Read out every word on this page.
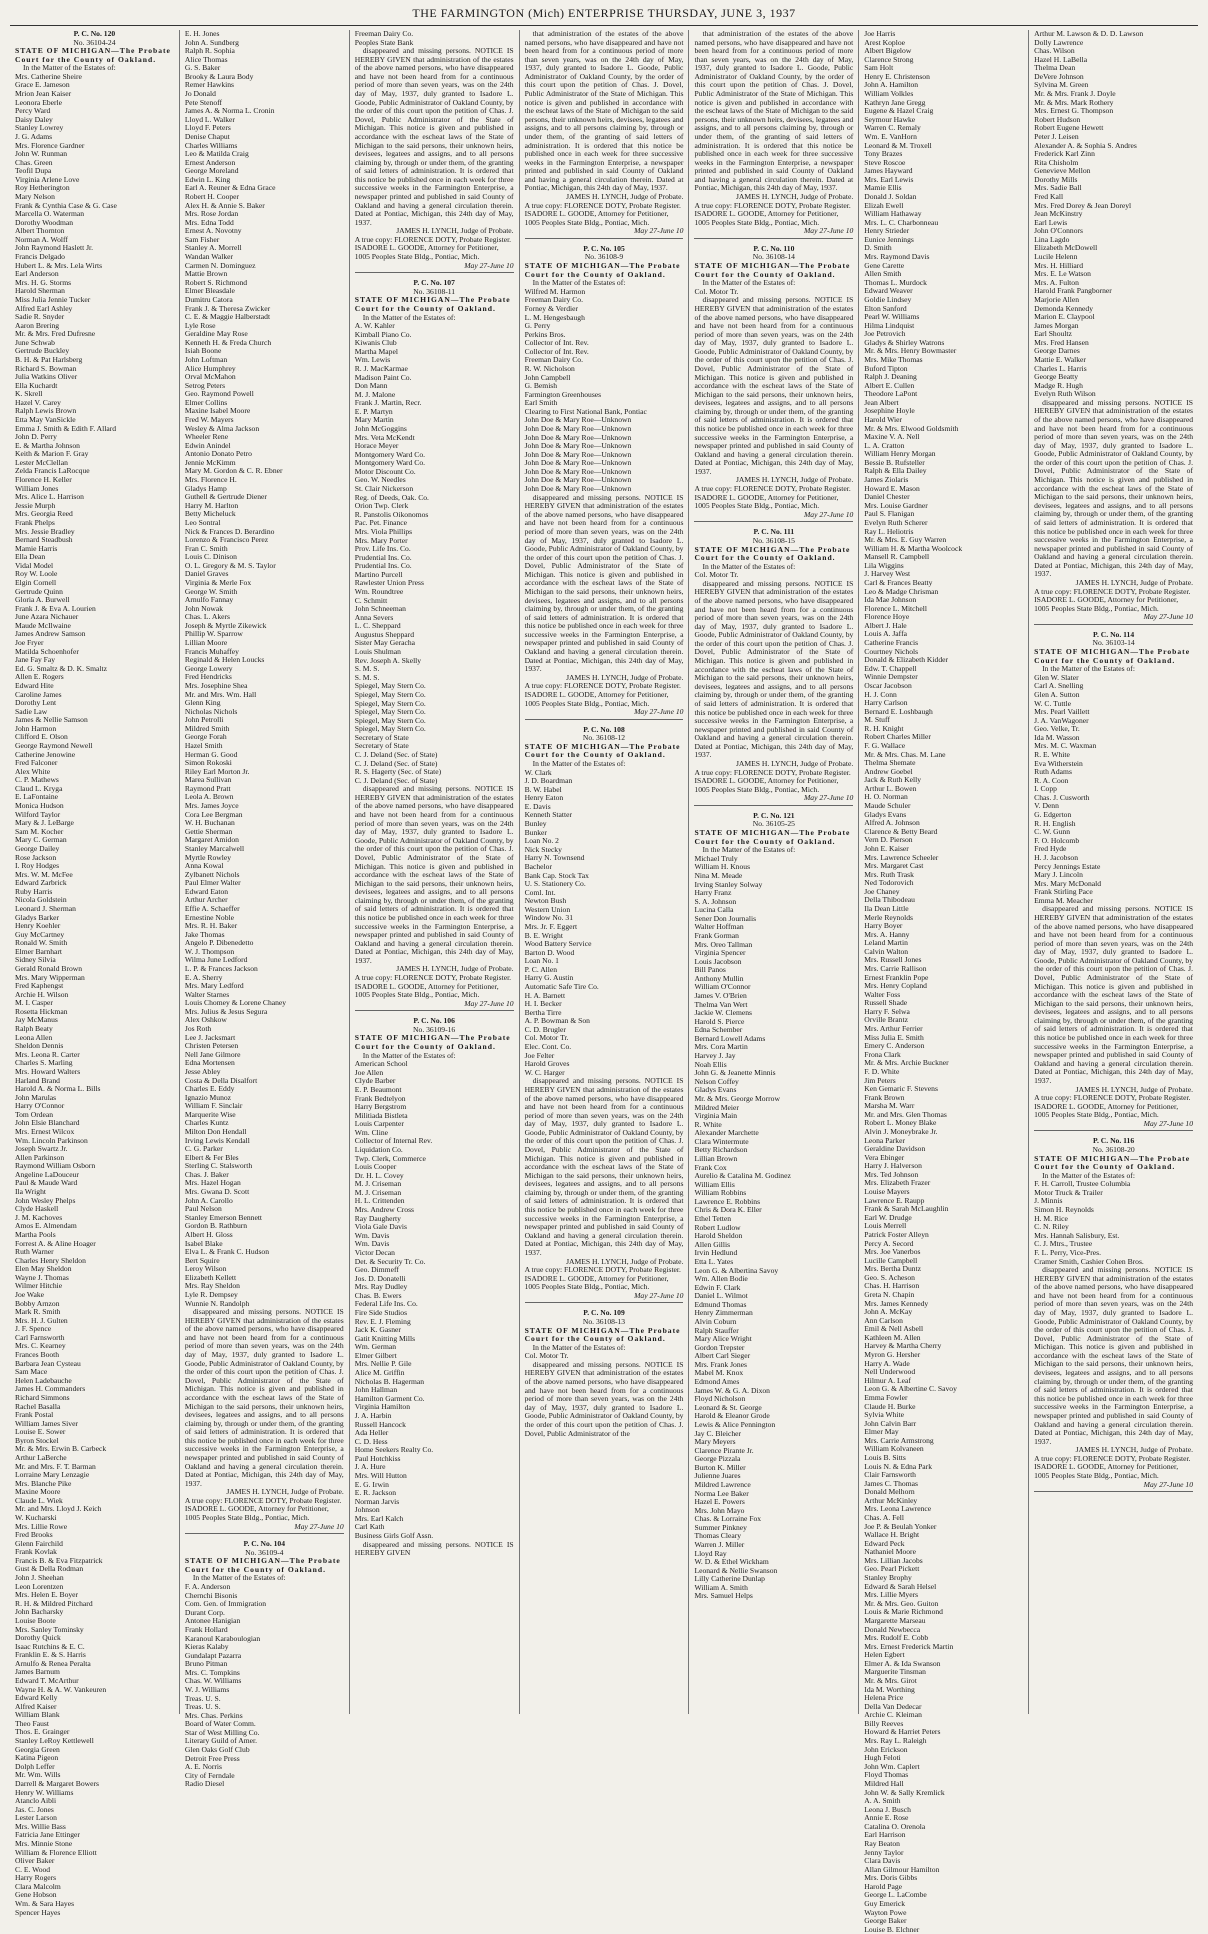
THE FARMINGTON (Mich) ENTERPRISE THURSDAY, JUNE 3, 1937
P. C. No. 120
No. 36104-24
STATE OF MICHIGAN—The Probate Court for the County of Oakland.
In the Matter of the Estates of:
Mrs. Catherine Sheire
Grace E. Jameson
Mrion Jean Kaiser
Leonora Eberle
Percy Ward
Daisy Daley
Stanley Lowrey
J. G. Adams
Mrs. Florence Gardner
John W. Runman
Chas. Green
Teofil Dupa
Virginia Arlene Love
Roy Hetherington
Mary Nelson
Frank & Cynthia Case & G. Case
Marcella O. Waterman
Dorothy Woodman
Albert Thornton
Norman A. Wolff
John Raymond Haslett Jr.
Francis Delgado
Hubert L. & Mrs. Lela Wirts
Earl Anderson
Mrs. H. G. Storms
Harold Sherman
Miss Julia Jennie Tucker
Alfred Earl Ashley
Sadie R. Snyder
Aaron Brering
Mr. & Mrs. Fred Dufresne
June Schwab
Gertrude Buckley
B. H. & Pat Harlsberg
Richard S. Bowman
Julia Watkins Oliver
Ella Kuchardt
K. Skrell
Hazel V. Carey
Ralph Lewis Brown
Etta May VanSickle
Emma J. Smith & Edith F. Allard
John D. Perry
E. & Martha Johnson
Keith & Marion F. Gray
Lester McClellan
Zelda Francis LaRocque
Florence H. Keller
William Jones
Mrs. Alice L. Harrison
Jessie Murph
Mrs. Georgia Reed
Frank Phelps
Mrs. Jessie Bradley
Bernard Steadbush
Mamie Harris
Ella Dean
Vidal Model
Roy W. Loole
Elgin Cornell
Gertrude Quinn
Gloria A. Burwell
Frank J. & Eva A. Lourien
June Azara Nichauer
Maude McIlwaine
James Andrew Samson
Joe Fryer
Matilda Schoenhofer
Jane Fay Fay
Ed. G. Smaltz & D. K. Smaltz
Allen E. Rogers
Edward Hite
Caroline James
Dorothy Lent
Sadie Law
James & Nellie Samson
John Harmon
Clifford E. Olson
George Raymond Newell
Catherine Jenowine
Fred Falconer
Alex White
C. P. Mathews
Claud L. Kryga
E. LaFontaine
Monica Hudson
Wilford Taylor
Mary & J. LeBarge
Sam M. Kocher
Mary C. German
George Dailey
Rose Jackson
I. Roy Hodges
Mrs. W. M. McFee
Edward Zarbrick
Ruby Harris
Nicola Goldstein
Leonard J. Sherman
Gladys Barker
Henry Koehler
Guy McCartney
Ronald W. Smith
Elmer Barnhart
Sidney Silvia
Gerald Ronald Brown
Mrs. Mary Wipperman
Fred Kaphengst
Archie H. Wilson
M. I. Casper
Rosetta Hickman
Jay McManus
Ralph Beaty
Leona Allen
Sheldon Dennis
Mrs. Leona R. Carter
Charles S. Marling
Mrs. Howard Walters
Harland Brand
Harold A. & Norma L. Bills
John Marulas
Harry O'Connor
Tom Ordean
John Elsie Blanchard
Mrs. Ernest Wilcox
Wm. Lincoln Parkinson
Joseph Swartz Jr.
Allen Parkinson
Raymond William Osborn
Angeline LaDouceur
Paul & Maude Ward
Ila Wright
John Wesley Phelps
Clyde Haskell
J. M. Kachoves
Amos E. Almendam
Martha Pools
Forrest A. & Aline Hoager
Ruth Warner
Charles Henry Sheldon
Elen May Sheldon
Wayne J. Thomas
Wilmer Hitchie
Joe Wake
Bobby Arnzon
Mark R. Smith
Mrs. H. J. Gulten
J. F. Spence
Carl Farnsworth
Mrs. C. Kearney
Frances Booth
Barbara Jean Cysteau
Sam Mace
Helen Ladebauche
James H. Commanders
Richard Simmons
Rachel Basalla
Frank Postal
William James Siver
Louise E. Sower
Byron Stockel
Mr. & Mrs. Erwin B. Carbeck
Arthur LaBerche
Mr. and Mrs. F. T. Barman
Lorraine Mary Lenzagie
Mrs. Blanche Pike
Maxine Moore
Claude L. Wiek
Mr. and Mrs. Lloyd J. Keich
W. Kucharski
Mrs. Lillie Rowe
Fred Brooks
Glenn Fairchild
Frank Kovlak
Francis B. & Eva Fitzpatrick
Gust & Della Rodman
John J. Sheehan
Leon Lorentzen
Mrs. Helen E. Boyer
R. H. & Mildred Pitchard
John Bacharsky
Louise Boote
Mrs. Sanley Tominsky
Dorothy Quick
Isaac Rutchins & E. C.
Franklin E. & S. Harris
Arnulfo & Renea Peralta
James Barnum
Edward T. McArthur
Wayne H. & A. W. Vankeuren
Edward Kelly
Alfred Kaiser
William Blank
Theo Faust
Thos. E. Grainger
Stanley LeRoy Kettlewell
Georgia Green
Katina Pigeon
Dolph Leffer
Mr. Wm. Wills
Darrell & Margaret Bowers
Henry W. Williams
Atanclo Aibli
Jas. C. Jones
Lester Larson
Mrs. Willie Bass
Fatricia Jane Ettinger
Mrs. Minnie Stone
William & Florence Elliott
Oliver Baker
C. E. Wood
Harry Rogers
Clara Malcolm
Gene Hobson
Wm. & Sara Hayes
Spencer Hayes
E. H. Jones
John A. Sundberg
Ralph R. Sophia
Alice Thomas
G. S. Baker
Brooky & Laura Body
Remer Hawkins
Jo Donald
Pete Stenoff
James A. & Norma L. Cronin
Lloyd L. Walker
Lloyd F. Peters
Denise Chaput
Charles Williams
Leo & Matilda Craig
Ernest Anderson
George Moreland
Edwin L. King
Earl A. Reuner & Edna Grace
Robert H. Cooper
Alex H. & Annie S. Baker
Mrs. Rose Jordan
Mrs. Edna Todd
Ernest A. Novotny
Sam Fisher
Stanley A. Morrell
Wandan Walker
Carmen N. Dominguez
Mattie Brown
Robert S. Richmond
Elmer Bleasdale
Dumitru Catora
Frank J. & Theresa Zwicker
C. E. & Maggie Halberstadt
Lyle Rose
Geraldine May Rose
Kenneth H. & Freda Church
Isiah Boone
John Loftman
Alice Humphrey
Orval McMahon
Setrog Peters
Geo. Raymond Powell
Elmer Collins
Maxine Isabel Moore
Fred W. Mayers
Wesley & Alma Jackson
Wheeler Rene
Edwin Anindel
Antonio Donato Petro
Jennie McKimm
Mary M. Gordon & C. R. Ebner
Mrs. Florence H.
Gladys Hamp
Guthell & Gertrude Diener
Harry M. Harlton
Betty Micheluck
Leo Sontral
Nick & Frances D. Berardino
Lorenzo & Francisco Perez
Fran C. Smith
Louis C. Dinison
O. L. Gregory & M. S. Taylor
Daniel Graves
Virginia & Merle Fox
George W. Smith
Arnulfo Fannay
John Nowak
Chas. L. Akers
Joseph & Myrtle Zikewick
Phillip W. Sparrow
Lillian Moore
Francis Muhaffey
Reginald & Helen Loucks
George Lowery
Fred Hendricks
Mrs. Josephine Shea
Mr. and Mrs. Wm. Hall
Glenn King
Nicholas Nichols
John Petrolli
Mildred Smith
George Forah
Hazel Smith
Herman G. Good
Simon Rokoski
Riley Earl Morton Jr.
Marea Sullivan
Raymond Pratt
Leola A. Brown
Mrs. James Joyce
Cora Lee Bergman
W. H. Buchanan
Gettie Sherman
Margaret Amidon
Stanley Marcalwell
Myrtle Rowley
Anna Kowal
Zylbanett Nichols
Paul Elmer Walter
Edward Eaton
Arthur Archer
Effie A. Schaeffer
Ernestine Noble
Mrs. R. H. Baker
Jake Thomas
Angelo P. Dibenedetto
W. J. Thompson
Wilma June Ledford
L. P. & Frances Jackson
E. A. Sherry
Mrs. Mary Ledford
Walter Starnes
Louis Chomey & Lorene Chaney
Mrs. Julius & Jesus Segura
Alex Oshkow
Jos Roth
Lee J. Jacksmart
Christen Petersen
Nell Jane Gilmore
Edna Mortensen
Jesse Abley
Costa & Della Disalfort
Charles E. Eddy
Ignazio Munoz
William F. Sinclair
Marquerite Wise
Charles Kuntz
Milton Don Hendall
Irving Lewis Kendall
C. G. Parker
Elbert & Fer Bles
Sterling C. Stalsworth
Chas. J. Baker
Mrs. Hazel Hogan
Mrs. Gwana D. Scott
John A. Carollo
Paul Nelson
Stanley Emerson Bennett
Gordon B. Rathburn
Albert H. Gloss
Isabel Blake
Elva L. & Frank C. Hudson
Bert Squire
Leroy Wilson
Elizabeth Kellett
Mrs. Ray Sheldon
Lyle R. Dempsey
Wunnie N. Randolph
disappeared and missing persons. NOTICE IS HEREBY GIVEN that administration of the estates of the above named persons, who have disappeared and have not been heard from for a continuous period of more than seven years, was on the 24th day of May, 1937, duly granted to Isadore L. Goode, Public Administrator of Oakland County, by the order of this court upon the petition of Chas. J. Dovel, Public Administrator of the State of Michigan. This notice is given and published in accordance with the escheat laws of the State of Michigan to the said persons, their unknown heirs, devisees, legatees and assigns, and to all persons claiming by, through or under them, of the granting of said letters of administration. It is ordered that this notice be published once in each week for three successive weeks in the Farmington Enterprise, a newspaper printed and published in said County of Oakland and having a general circulation therein. Dated at Pontiac, Michigan, this 24th day of May, 1937.
JAMES H. LYNCH, Judge of Probate.
A true copy: FLORENCE DOTY, Probate Register. ISADORE L. GOODE, Attorney for Petitioner, 1005 Peoples State Bldg., Pontiac, Mich.
May 27-June 10
P. C. No. 104
No. 36109-4
STATE OF MICHIGAN—The Probate Court for the County of Oakland.
In the Matter of the Estates of:
F. A. Anderson
Chernchi Bisonis
Com. Gen. of Immigration
Durant Corp.
Antonee Hanigian
Frank Hollard
Karanoul Karaboulogian
Kieras Kalaby
Gundalapt Pazarra
Bruno Pitman
Mrs. C. Tompkins
Chas. W. Williams
W. J. Williams
Treas. U. S.
Treas. U. S.
Mrs. Chas. Perkins
Board of Water Comm.
Star of West Milling Co.
Literary Guild of Amer.
Glen Oaks Golf Club
Detroit Free Press
A. E. Norris
City of Ferndale
Radio Diesel
Freeman Dairy Co.
Peoples State Bank
disappeared and missing persons. NOTICE IS HEREBY GIVEN that administration of the estates of the above named persons, who have disappeared and have not been heard from for a continuous period of more than seven years, was on the 24th day of May, 1937, duly granted to Isadore L. Goode, Public Administrator of Oakland County, by the order of this court upon the petition of Chas. J. Dovel, Public Administrator of the State of Michigan. This notice is given and published in accordance with the escheat laws of the State of Michigan to the said persons, their unknown heirs, devisees, legatees and assigns, and to all persons claiming by, through or under them, of the granting of said letters of administration. It is ordered that this notice be published once in each week for three successive weeks in the Farmington Enterprise, a newspaper printed and published in said County of Oakland and having a general circulation therein. Dated at Pontiac, Michigan, this 24th day of May, 1937.
JAMES H. LYNCH, Judge of Probate.
A true copy: FLORENCE DOTY, Probate Register. ISADORE L. GOODE, Attorney for Petitioner, 1005 Peoples State Bldg., Pontiac, Mich.
May 27-June 10
P. C. No. 107
No. 36108-11
STATE OF MICHIGAN—The Probate Court for the County of Oakland.
In the Matter of the Estates of:
A. W. Kahler
Kimball Piano Co.
Kiwanis Club
Martha Mapel
Wm. Lewis
R. J. MacKarmae
Madison Paint Co.
Don Mann
M. J. Malone
Frank J. Martin, Recr.
E. P. Martyn
Mary Martin
John McGoggins
Mrs. Veta McKendt
Horace Meyer
Montgomery Ward Co.
Montgomery Ward Co.
Motor Discount Co.
Geo. W. Needles
St. Clair Nickerson
Reg. of Deeds, Oak. Co.
Orion Twp. Clerk
R. Panstolis Oikonomos
Pac. Pet. Finance
Mrs. Viola Phillips
Mrs. Mary Porter
Prov. Life Ins. Co.
Prudential Ins. Co.
Prudential Ins. Co.
Martino Purcell
Rawlester Union Press
Wm. Roundtree
C. Schmitt
John Schneeman
Anna Severs
L. C. Sheppard
Augustus Sheppard
Sister May Geracha
Louis Shulman
Rev. Joseph A. Skelly
S. M. S.
S. M. S.
Spiegel, May Stern Co.
Spiegel, May Stern Co.
Spiegel, May Stern Co.
Spiegel, May Stern Co.
Spiegel, May Stern Co.
Spiegel, May Stern Co.
Secretary of State
Secretary of State
C. J. Deland (Sec. of State)
C. J. Deland (Sec. of State)
R. S. Hagerty (Sec. of State)
C. J. Deland (Sec. of State)
disappeared and missing persons. NOTICE IS HEREBY GIVEN that administration of the estates of the above named persons, who have disappeared and have not been heard from for a continuous period of more than seven years, was on the 24th day of May, 1937, duly granted to Isadore L. Goode, Public Administrator of Oakland County, by the order of this court upon the petition of Chas. J. Dovel, Public Administrator of the State of Michigan. This notice is given and published in accordance with the escheat laws of the State of Michigan to the said persons, their unknown heirs, devisees, legatees and assigns, and to all persons claiming by, through or under them, of the granting of said letters of administration. It is ordered that this notice be published once in each week for three successive weeks in the Farmington Enterprise, a newspaper printed and published in said County of Oakland and having a general circulation therein. Dated at Pontiac, Michigan, this 24th day of May, 1937.
JAMES H. LYNCH, Judge of Probate.
A true copy: FLORENCE DOTY, Probate Register. ISADORE L. GOODE, Attorney for Petitioner, 1005 Peoples State Bldg., Pontiac, Mich.
May 27-June 10
P. C. No. 106
No. 36109-16
STATE OF MICHIGAN—The Probate Court for the County of Oakland.
In the Matter of the Estates of:
American School
Joe Allen
Clyde Barber
E. P. Beaumont
Frank Bedtelyon
Harry Bergstrom
Militiada Bistleta
Louis Carpenter
Wm. Cline
Collector of Internal Rev.
Liquidation Co.
Twp. Clerk, Commerce
Louis Cooper
Dr. H. L. Covey
M. J. Criseman
M. J. Criseman
H. L. Crittenden
Mrs. Andrew Cross
Ray Daugherty
Viola Gale Davis
Wm. Davis
Wm. Davis
Victor Decan
Det. & Security Tr. Co.
Geo. Dimmeff
Jos. D. Donatelli
Mrs. Ray Dudley
Chas. B. Ewers
Federal Life Ins. Co.
Fire Side Studios
Rev. E. J. Fleming
Jack K. Gasner
Gatit Knitting Mills
Wm. German
Elmer Gilbert
Mrs. Nellie P. Gile
Alice M. Griffin
Nicholas B. Hagerman
John Hallman
Hamilton Garment Co.
Virginia Hamilton
J. A. Harbin
Russell Hancock
Ada Heller
C. D. Hess
Home Seekers Realty Co.
Paul Hotchkiss
J. A. Hure
Mrs. Will Hutton
E. G. Irwin
E. R. Jackson
Norman Jarvis
Johnson
Mrs. Earl Kalch
Carl Kath
Business Girls Golf Assn.
disappeared and missing persons. NOTICE IS HEREBY GIVEN
that administration of the estates of the above named persons, who have disappeared and have not been heard from for a continuous period of more than seven years, was on the 24th day of May, 1937, duly granted to Isadore L. Goode, Public Administrator of Oakland County, by the order of this court upon the petition of Chas. J. Dovel, Public Administrator of the State of Michigan. This notice is given and published in accordance with the escheat laws of the State of Michigan to the said persons, their unknown heirs, devisees, legatees and assigns, and to all persons claiming by, through or under them, of the granting of said letters of administration. It is ordered that this notice be published once in each week for three successive weeks in the Farmington Enterprise, a newspaper printed and published in said County of Oakland and having a general circulation therein. Dated at Pontiac, Michigan, this 24th day of May, 1937.
JAMES H. LYNCH, Judge of Probate.
A true copy: FLORENCE DOTY, Probate Register. ISADORE L. GOODE, Attorney for Petitioner, 1005 Peoples State Bldg., Pontiac, Mich.
May 27-June 10
P. C. No. 105
No. 36108-9
STATE OF MICHIGAN—The Probate Court for the County of Oakland.
In the Matter of the Estates of:
Wilfred M. Harmon
Freeman Dairy Co.
Forney & Verdier
L. M. Hengesbaugh
G. Perry
Perkins Bros.
Collector of Int. Rev.
Collector of Int. Rev.
Freeman Dairy Co.
R. W. Nicholson
John Campbell
G. Bemish
Farmington Greenhouses
Earl Smith
Clearing to First National Bank, Pontiac
John Doe & Mary Roe—Unknown
John Doe & Mary Roe—Unknown
John Doe & Mary Roe—Unknown
John Doe & Mary Roe—Unknown
John Doe & Mary Roe—Unknown
John Doe & Mary Roe—Unknown
John Doe & Mary Roe—Unknown
John Doe & Mary Roe—Unknown
John Doe & Mary Roe—Unknown
disappeared and missing persons. NOTICE IS HEREBY GIVEN that administration of the estates of the above named persons, who have disappeared and have not been heard from for a continuous period of more than seven years, was on the 24th day of May, 1937, duly granted to Isadore L. Goode, Public Administrator of Oakland County, by the order of this court upon the petition of Chas. J. Dovel, Public Administrator of the State of Michigan. This notice is given and published in accordance with the escheat laws of the State of Michigan to the said persons, their unknown heirs, devisees, legatees and assigns, and to all persons claiming by, through or under them, of the granting of said letters of administration. It is ordered that this notice be published once in each week for three successive weeks in the Farmington Enterprise, a newspaper printed and published in said County of Oakland and having a general circulation therein. Dated at Pontiac, Michigan, this 24th day of May, 1937.
JAMES H. LYNCH, Judge of Probate.
A true copy: FLORENCE DOTY, Probate Register. ISADORE L. GOODE, Attorney for Petitioner, 1005 Peoples State Bldg., Pontiac, Mich.
May 27-June 10
P. C. No. 108
No. 36108-12
STATE OF MICHIGAN—The Probate Court for the County of Oakland.
In the Matter of the Estates of:
W. Clark
J. D. Boardman
B. W. Habel
Henry Eaton
E. Davis
Kenneth Statter
Bunley
Bunker
Loan No. 2
Nick Stecky
Harry N. Townsend
Bachelor
Bank Cap. Stock Tax
U. S. Stationery Co.
Coml. Int.
Newton Bush
Western Union
Window No. 31
Mrs. Jr. F. Eggert
B. E. Wright
Wood Battery Service
Barton D. Wood
Loan No. 1
P. C. Allen
Harry G. Austin
Automatic Safe Tire Co.
H. A. Barnett
H. I. Becker
Bertha Tirre
A. P. Bowman & Son
C. D. Brugler
Col. Motor Tr.
Elec. Cont. Co.
Joe Felter
Harold Groves
W. C. Harger
disappeared and missing persons. NOTICE IS HEREBY GIVEN that administration of the estates of the above named persons, who have disappeared and have not been heard from for a continuous period of more than seven years, was on the 24th day of May, 1937, duly granted to Isadore L. Goode, Public Administrator of Oakland County, by the order of this court upon the petition of Chas. J. Dovel, Public Administrator of the State of Michigan. This notice is given and published in accordance with the escheat laws of the State of Michigan to the said persons, their unknown heirs, devisees, legatees and assigns, and to all persons claiming by, through or under them, of the granting of said letters of administration. It is ordered that this notice be published once in each week for three successive weeks in the Farmington Enterprise, a newspaper printed and published in said County of Oakland and having a general circulation therein. Dated at Pontiac, Michigan, this 24th day of May, 1937.
JAMES H. LYNCH, Judge of Probate.
A true copy: FLORENCE DOTY, Probate Register. ISADORE L. GOODE, Attorney for Petitioner, 1005 Peoples State Bldg., Pontiac, Mich.
May 27-June 10
P. C. No. 109
No. 36108-13
STATE OF MICHIGAN—The Probate Court for the County of Oakland.
In the Matter of the Estates of:
Col. Motor Tr.
disappeared and missing persons. NOTICE IS HEREBY GIVEN that administration of the estates of the above named persons, who have disappeared and have not been heard from for a continuous period of more than seven years, was on the 24th day of May, 1937, duly granted to Isadore L. Goode, Public Administrator of Oakland County, by the order of this court upon the petition of Chas. J. Dovel, Public Administrator of the
that administration of the estates of the above named persons, who have disappeared and have not been heard from for a continuous period of more than seven years, was on the 24th day of May, 1937, duly granted to Isadore L. Goode, Public Administrator of Oakland County, by the order of this court upon the petition of Chas. J. Dovel, Public Administrator of the State of Michigan. This notice is given and published in accordance with the escheat laws of the State of Michigan to the said persons, their unknown heirs, devisees, legatees and assigns, and to all persons claiming by, through or under them, of the granting of said letters of administration. It is ordered that this notice be published once in each week for three successive weeks in the Farmington Enterprise, a newspaper printed and published in said County of Oakland and having a general circulation therein. Dated at Pontiac, Michigan, this 24th day of May, 1937.
JAMES H. LYNCH, Judge of Probate.
A true copy: FLORENCE DOTY, Probate Register. ISADORE L. GOODE, Attorney for Petitioner, 1005 Peoples State Bldg., Pontiac, Mich.
May 27-June 10
P. C. No. 110
No. 36108-14
STATE OF MICHIGAN—The Probate Court for the County of Oakland.
In the Matter of the Estates of:
Col. Motor Tr.
disappeared and missing persons. NOTICE IS HEREBY GIVEN that administration of the estates of the above named persons, who have disappeared and have not been heard from for a continuous period of more than seven years, was on the 24th day of May, 1937, duly granted to Isadore L. Goode, Public Administrator of Oakland County, by the order of this court upon the petition of Chas. J. Dovel, Public Administrator of the State of Michigan. This notice is given and published in accordance with the escheat laws of the State of Michigan to the said persons, their unknown heirs, devisees, legatees and assigns, and to all persons claiming by, through or under them, of the granting of said letters of administration. It is ordered that this notice be published once in each week for three successive weeks in the Farmington Enterprise, a newspaper printed and published in said County of Oakland and having a general circulation therein. Dated at Pontiac, Michigan, this 24th day of May, 1937.
JAMES H. LYNCH, Judge of Probate.
A true copy: FLORENCE DOTY, Probate Register. ISADORE L. GOODE, Attorney for Petitioner, 1005 Peoples State Bldg., Pontiac, Mich.
May 27-June 10
P. C. No. 111
No. 36108-15
STATE OF MICHIGAN—The Probate Court for the County of Oakland.
In the Matter of the Estates of:
Col. Motor Tr.
disappeared and missing persons. NOTICE IS HEREBY GIVEN that administration of the estates of the above named persons, who have disappeared and have not been heard from for a continuous period of more than seven years, was on the 24th day of May, 1937, duly granted to Isadore L. Goode, Public Administrator of Oakland County, by the order of this court upon the petition of Chas. J. Dovel, Public Administrator of the State of Michigan. This notice is given and published in accordance with the escheat laws of the State of Michigan to the said persons, their unknown heirs, devisees, legatees and assigns, and to all persons claiming by, through or under them, of the granting of said letters of administration. It is ordered that this notice be published once in each week for three successive weeks in the Farmington Enterprise, a newspaper printed and published in said County of Oakland and having a general circulation therein. Dated at Pontiac, Michigan, this 24th day of May, 1937.
JAMES H. LYNCH, Judge of Probate.
A true copy: FLORENCE DOTY, Probate Register. ISADORE L. GOODE, Attorney for Petitioner, 1005 Peoples State Bldg., Pontiac, Mich.
May 27-June 10
P. C. No. 121
No. 36105-25
STATE OF MICHIGAN—The Probate Court for the County of Oakland.
In the Matter of the Estates of:
Michael Truly
William H. Knous
Nina M. Meade
Irving Stanley Solway
Harry Franz
S. A. Johnson
Lucina Calla
Sener Don Journalis
Walter Hoffman
Frank Gorman
Mrs. Oreo Tallman
Virginia Spencer
Louis Jacobson
Bill Panos
Anthony Mullin
William O'Connor
James V. O'Brien
Thelma Van Wert
Jackie W. Clemens
Harold S. Pierce
Edna Schember
Bernard Lowell Adams
Mrs. Cora Martin
Harvey J. Jay
Noah Ellis
John G. & Jeanette Minnis
Nelson Coffey
Gladys Evans
Mr. & Mrs. George Morrow
Mildred Meier
Virginia Main
R. White
Alexander Marchette
Clara Wintermute
Betty Richardson
Lillian Brown
Frank Cox
Aurelio & Catalina M. Godinez
William Ellis
William Robbins
Lawrence E. Robbins
Chris & Dora K. Eller
Ethel Tetten
Robert Ludlow
Harold Sheldon
Allen Gillis
Irvin Hedlund
Etta L. Yates
Leon G. & Albertina Savoy
Wm. Allen Bodie
Edwin F. Clark
Daniel L. Wilmot
Edmund Thomas
Henry Zimmerman
Alvin Coburn
Ralph Stauffer
Mary Alice Wright
Gordon Trepster
Albert Carl Sieger
Mrs. Frank Jones
Mabel M. Knox
Edmond Ames
James W. & G. A. Dixon
Floyd Nicholson
Leonard & St. George
Harold & Eleanor Grode
Lewis & Alice Pennington
Jay C. Bleicher
Mary Meyers
Clarence Pirante Jr.
George Pizzala
Burton K. Miller
Julienne Juares
Mildred Lawrence
Norma Lee Baker
Hazel E. Powers
Mrs. John Mayo
Chas. & Lorraine Fox
Summer Pinkney
Thomas Cleary
Warren J. Miller
Lloyd Ray
W. D. & Ethel Wickham
Leonard & Nellie Swanson
Lilly Catherine Dunlap
William A. Smith
Mrs. Samuel Helps
Joe Harris
Arest Koploe
Albert Bigelow
Clarence Strong
Sam Holt
Henry E. Christenson
John A. Hamilton
William Volkles
Kathryn Jane Gregg
Eugene & Hazel Craig
Seymour Hawke
Warren C. Remaly
Wm. E. VanHorn
Leonard & M. Troxell
Tony Brazes
Steve Roscoe
James Hayward
Mrs. Earl Lewis
Mamie Ellis
Donald J. Soldan
Elizah Ewell
William Hathaway
Mrs. L. C. Charbonneau
Henry Strieder
Eunice Jennings
D. Smith
Mrs. Raymond Davis
Gene Carette
Allen Smith
Thomas L. Murdock
Edward Weaver
Goldie Lindsey
Elton Sanford
Pearl W. Williams
Hilma Lindquist
Joe Petrovich
Gladys & Shirley Watrons
Mr. & Mrs. Henry Bowmaster
Mrs. Mike Thomas
Buford Tipton
Ralph J. Deaning
Albert E. Cullen
Theodore LaPont
Jean Albert
Josephine Hoyle
Harold Wier
Mr. & Mrs. Elwood Goldsmith
Maxine V. A. Nell
L. A. Cratton
William Henry Morgan
Bessie B. Rufsteller
Ralph & Ella Dailey
James Ziolaris
Howard E. Mason
Daniel Chester
Mrs. Louise Gardner
Paul S. Flanigan
Evelyn Ruth Scherer
Ray L. Heliotris
Mr. & Mrs. E. Guy Warren
William H. & Martha Woolcock
Mansell R. Campbell
Lila Wiggins
J. Harvey West
Carl & Frances Beatty
Leo & Madge Chrisman
Ida Mae Johnson
Florence L. Mitchell
Florence Hoye
Albert J. Hale
Louis A. Jaffa
Catherine Francis
Courtney Nichols
Donald & Elizabeth Kidder
Edw. T. Chappell
Winnie Dempster
Oscar Jacobson
H. J. Conn
Harry Carlson
Bernard E. Loshbaugh
M. Stuff
R. H. Knight
Robert Charles Miller
F. G. Wallace
Mr. & Mrs. Chas. M. Lane
Thelma Shemate
Andrew Goebel
Jack & Ruth Kelly
Arthur L. Bowen
H. O. Norman
Maude Schuler
Gladys Evans
Alfred A. Johnson
Clarence & Betty Beard
Vern D. Pierson
John E. Kaiser
Mrs. Lawrence Scheeler
Mrs. Margaret Cast
Mrs. Ruth Trask
Ned Todorovich
Joe Chaney
Della Thibodeau
Ila Dean Little
Merle Reynolds
Harry Boyer
Mrs. A. Hanny
Leland Martin
Calvin Walton
Mrs. Russell Jones
Mrs. Carrie Rallison
Ernest Franklin Pope
Mrs. Henry Copland
Walter Foss
Russell Shade
Harry F. Selwa
Orville Brantz
Mrs. Arthur Ferrier
Miss Julia E. Smith
Emery C. Anderson
Frona Clark
Mr. & Mrs. Archie Buckner
F. D. White
Jim Peters
Ken Gemaric F. Stevens
Frank Brown
Marsha M. Warr
Mr. and Mrs. Glen Thomas
Robert L. Money Blake
Alvin J. Moneybrake Jr.
Leona Parker
Geraldine Davidson
Vera Ebinger
Harry J. Halverson
Mrs. Ted Johnson
Mrs. Elizabeth Frazer
Louise Mayers
Lawrence E. Raupp
Frank & Sarah McLaughlin
Earl W. Drudge
Louis Merrell
Patrick Foster Alleyn
Percy A. Secord
Mrs. Joe Vanerbos
Lucille Campbell
Mrs. Bertha Duntz
Geo. S. Acheson
Chas. H. Harrison
Greta N. Chapin
Mrs. James Kennedy
John A. McKay
Ann Carlson
Emil & Nell Asbell
Kathleen M. Allen
Harvey & Martha Cherry
Myron G. Hersher
Harry A. Wade
Nell Underwood
Hilmur A. Leaf
Leon G. & Albertine C. Savoy
Emma Fowler
Claude H. Burke
Sylvia White
John Calvin Barr
Elmer May
Mrs. Carrie Armstrong
William Kolvaneen
Louis B. Sitts
Louis N. & Edna Park
Clair Farnsworth
James C. Thomas
Donald Melhorn
Arthur McKinley
Mrs. Leona Lawrence
Chas. A. Fell
Joe P. & Beulah Yonker
Wallace H. Bright
Edward Peck
Nathaniel Moore
Mrs. Lillian Jacobs
Geo. Pearl Pickett
Stanley Brophy
Edward & Sarah Helsel
Mrs. Lillie Myers
Mr. & Mrs. Geo. Guiton
Louis & Marie Richmond
Margarette Marseau
Donald Newbecca
Mrs. Rudolf E. Cobb
Mrs. Ernest Frederick Martin
Helen Egbert
Elmer A. & Ida Swanson
Marguerite Tinsman
Mr. & Mrs. Girot
Ida M. Worthing
Helena Price
Della Van Dedecar
Archie C. Kleiman
Billy Reeves
Howard & Harriet Peters
Mrs. Ray L. Raleigh
John Erickson
Hugh Feloti
John Wm. Caplert
Floyd Thomas
Mildred Hall
John W. & Sally Kremlick
A. A. Smith
Leona J. Busch
Annie E. Rose
Catalina O. Orenola
Earl Harrison
Ray Beaton
Jenny Taylor
Clara Davis
Allan Gilmour Hamilton
Mrs. Doris Gibbs
Harold Page
George L. LaCombe
Guy Emerick
Wayton Powe
George Baker
Louise B. Elchner
Arthur M. Lawson & D. D. Lawson
Dolly Lawrence
Chas. Wilson
Hazel H. LaBella
Thelma Dean
DeVere Johnson
Sylvina M. Green
Mr. & Mrs. Frank J. Doyle
Mr. & Mrs. Mark Rothery
Mrs. Ernest G. Thompson
Robert Hudson
Robert Eugene Hewett
Peter J. Leisen
Alexander A. & Sophia S. Andres
Frederick Karl Zinn
Rita Chisholm
Genevieve Mellon
Dorothy Mills
Mrs. Sadie Ball
Fred Kall
Mrs. Fred Dorey & Jean Doreyl
Jean McKinstry
Earl Lewis
John O'Connors
Lina Lagdo
Elizabeth McDowell
Lucile Helenn
Mrs. H. Hilliard
Mrs. E. Le Watson
Mrs. A. Fulton
Harold Frank Pangborner
Marjorie Allen
Demonda Kennedy
Marion E. Claypool
James Morgan
Earl Shoultz
Mrs. Fred Hansen
George Darnes
Mattie E. Walker
Charles L. Harris
George Beatty
Madge R. Hugh
Evelyn Ruth Wilson
disappeared and missing persons. NOTICE IS HEREBY GIVEN that administration of the estates of the above named persons, who have disappeared and have not been heard from for a continuous period of more than seven years, was on the 24th day of May, 1937, duly granted to Isadore L. Goode, Public Administrator of Oakland County, by the order of this court upon the petition of Chas. J. Dovel, Public Administrator of the State of Michigan. This notice is given and published in accordance with the escheat laws of the State of Michigan to the said persons, their unknown heirs, devisees, legatees and assigns, and to all persons claiming by, through or under them, of the granting of said letters of administration. It is ordered that this notice be published once in each week for three successive weeks in the Farmington Enterprise, a newspaper printed and published in said County of Oakland and having a general circulation therein. Dated at Pontiac, Michigan, this 24th day of May, 1937.
JAMES H. LYNCH, Judge of Probate.
A true copy: FLORENCE DOTY, Probate Register. ISADORE L. GOODE, Attorney for Petitioner, 1005 Peoples State Bldg., Pontiac, Mich.
May 27-June 10
P. C. No. 114
No. 36103-14
STATE OF MICHIGAN—The Probate Court for the County of Oakland.
In the Matter of the Estates of:
Glen W. Slater
Carl A. Snelling
Glen A. Sutton
W. C. Tuttle
Mrs. Pearl Vaillett
J. A. VanWagoner
Geo. Velke, Tr.
Ida M. Wasson
Mrs. M. C. Waxman
R. E. White
Eva Witherstein
Ruth Adams
R. A. Coon
I. Copp
Chas. J. Cusworth
V. Denn
G. Edgerton
R. H. English
C. W. Gunn
F. O. Holcomb
Fred Hyde
H. J. Jacobson
Percy Jennings Estate
Mary J. Lincoln
Mrs. Mary McDonald
Frank Stirling Pace
Emma M. Meacher
disappeared and missing persons. NOTICE IS HEREBY GIVEN that administration of the estates of the above named persons, who have disappeared and have not been heard from for a continuous period of more than seven years, was on the 24th day of May, 1937, duly granted to Isadore L. Goode, Public Administrator of Oakland County, by the order of this court upon the petition of Chas. J. Dovel, Public Administrator of the State of Michigan. This notice is given and published in accordance with the escheat laws of the State of Michigan to the said persons, their unknown heirs, devisees, legatees and assigns, and to all persons claiming by, through or under them, of the granting of said letters of administration. It is ordered that this notice be published once in each week for three successive weeks in the Farmington Enterprise, a newspaper printed and published in said County of Oakland and having a general circulation therein. Dated at Pontiac, Michigan, this 24th day of May, 1937.
JAMES H. LYNCH, Judge of Probate.
A true copy: FLORENCE DOTY, Probate Register. ISADORE L. GOODE, Attorney for Petitioner, 1005 Peoples State Bldg., Pontiac, Mich.
May 27-June 10
P. C. No. 116
No. 36108-20
STATE OF MICHIGAN—The Probate Court for the County of Oakland.
In the Matter of the Estates of:
F. H. Carroll, Trustee Columbia
Motor Truck & Trailer
J. Minnis
Simon H. Reynolds
H. M. Rice
C. N. Riley
Mrs. Hannah Salisbury, Est.
C. J. Mtrs., Trustee
F. L. Perry, Vice-Pres.
Cramer Smith, Cashier Cohen Bros.
disappeared and missing persons. NOTICE IS HEREBY GIVEN that administration of the estates of the above named persons, who have disappeared and have not been heard from for a continuous period of more than seven years, was on the 24th day of May, 1937, duly granted to Isadore L. Goode, Public Administrator of Oakland County, by the order of this court upon the petition of Chas. J. Dovel, Public Administrator of the State of Michigan. This notice is given and published in accordance with the escheat laws of the State of Michigan to the said persons, their unknown heirs, devisees, legatees and assigns, and to all persons claiming by, through or under them, of the granting of said letters of administration. It is ordered that this notice be published once in each week for three successive weeks in the Farmington Enterprise, a newspaper printed and published in said County of Oakland and having a general circulation therein. Dated at Pontiac, Michigan, this 24th day of May, 1937.
JAMES H. LYNCH, Judge of Probate.
A true copy: FLORENCE DOTY, Probate Register. ISADORE L. GOODE, Attorney for Petitioner, 1005 Peoples State Bldg., Pontiac, Mich.
May 27-June 10
